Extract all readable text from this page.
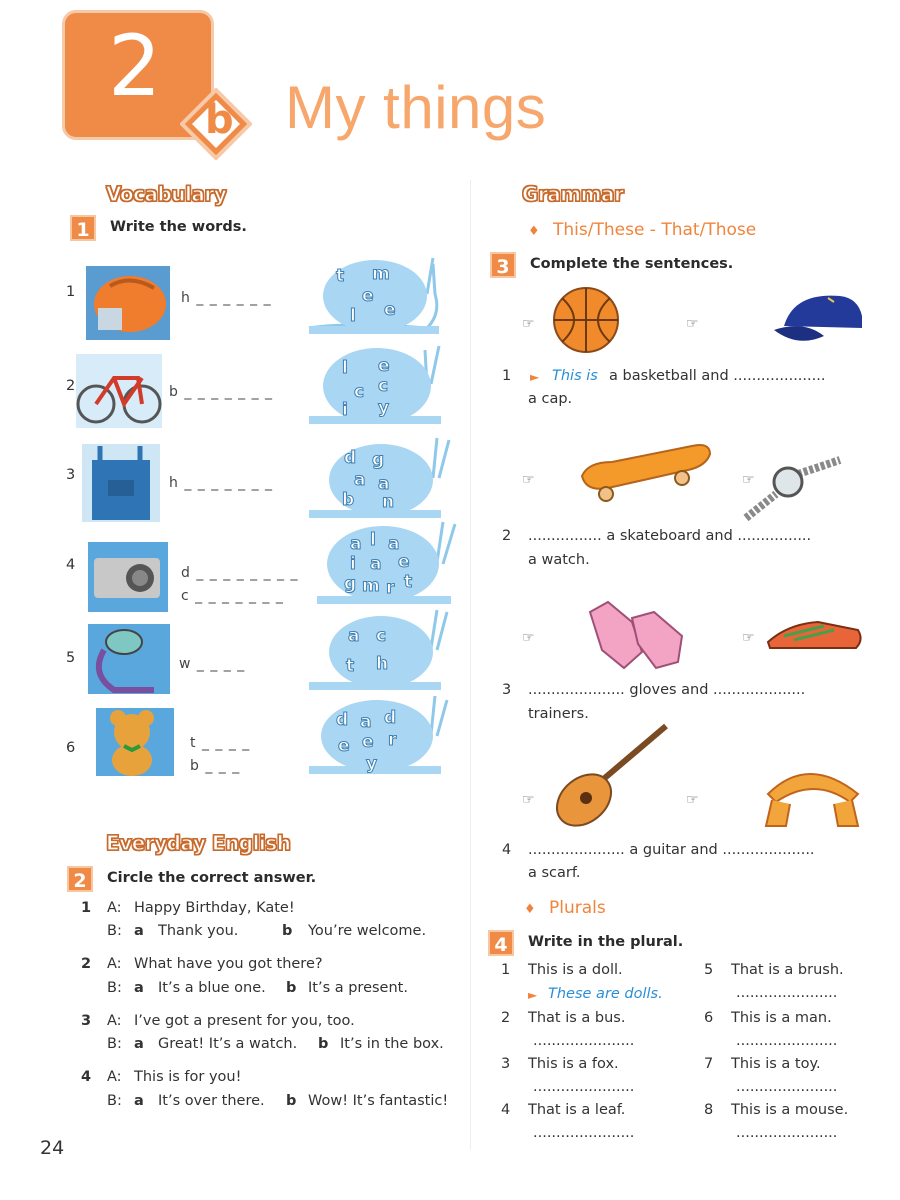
2
b My things
Vocabulary
1	Write the words.
1	h _ _ _ _ _ _
t m
e
l e
2	b _ _ _ _ _ _ _
l e
c c
i y
3	h _ _ _ _ _ _ _
d g
a a
b n
4	d _ _ _ _ _ _ _ _
c _ _ _ _ _ _ _
a l a
i a e
g m r t
5	w _ _ _ _
a c
t h
6	t _ _ _ _
b _ _ _
d a d
e e r
y
Everyday English
2	Circle the correct answer.
1 A: Happy Birthday, Kate!
B: a Thank you.	b You’re welcome.
2 A: What have you got there?
B: a It’s a blue one. b It’s a present.
3 A: I’ve got a present for you, too.
B: a Great! It’s a watch. b It’s in the box.
4 A: This is for you!
B: a It’s over there. b Wow! It’s fantastic!
24
Grammar
♦ This/These - That/Those
3	Complete the sentences.
☞	☞
1 ► This is a basketball and ....................
a cap.
☞	☞
2 ................ a skateboard and ................
a watch.
☞	☞
3 ..................... gloves and ....................
trainers.
☞	☞
4 ..................... a guitar and ....................
a scarf.
♦ Plurals
4	Write in the plural.
1 This is a doll.
► These are dolls.
2 That is a bus.
......................
3 This is a fox.
......................
4 That is a leaf.
......................
5 That is a brush.
......................
6 This is a man.
......................
7 This is a toy.
......................
8 This is a mouse.
......................
